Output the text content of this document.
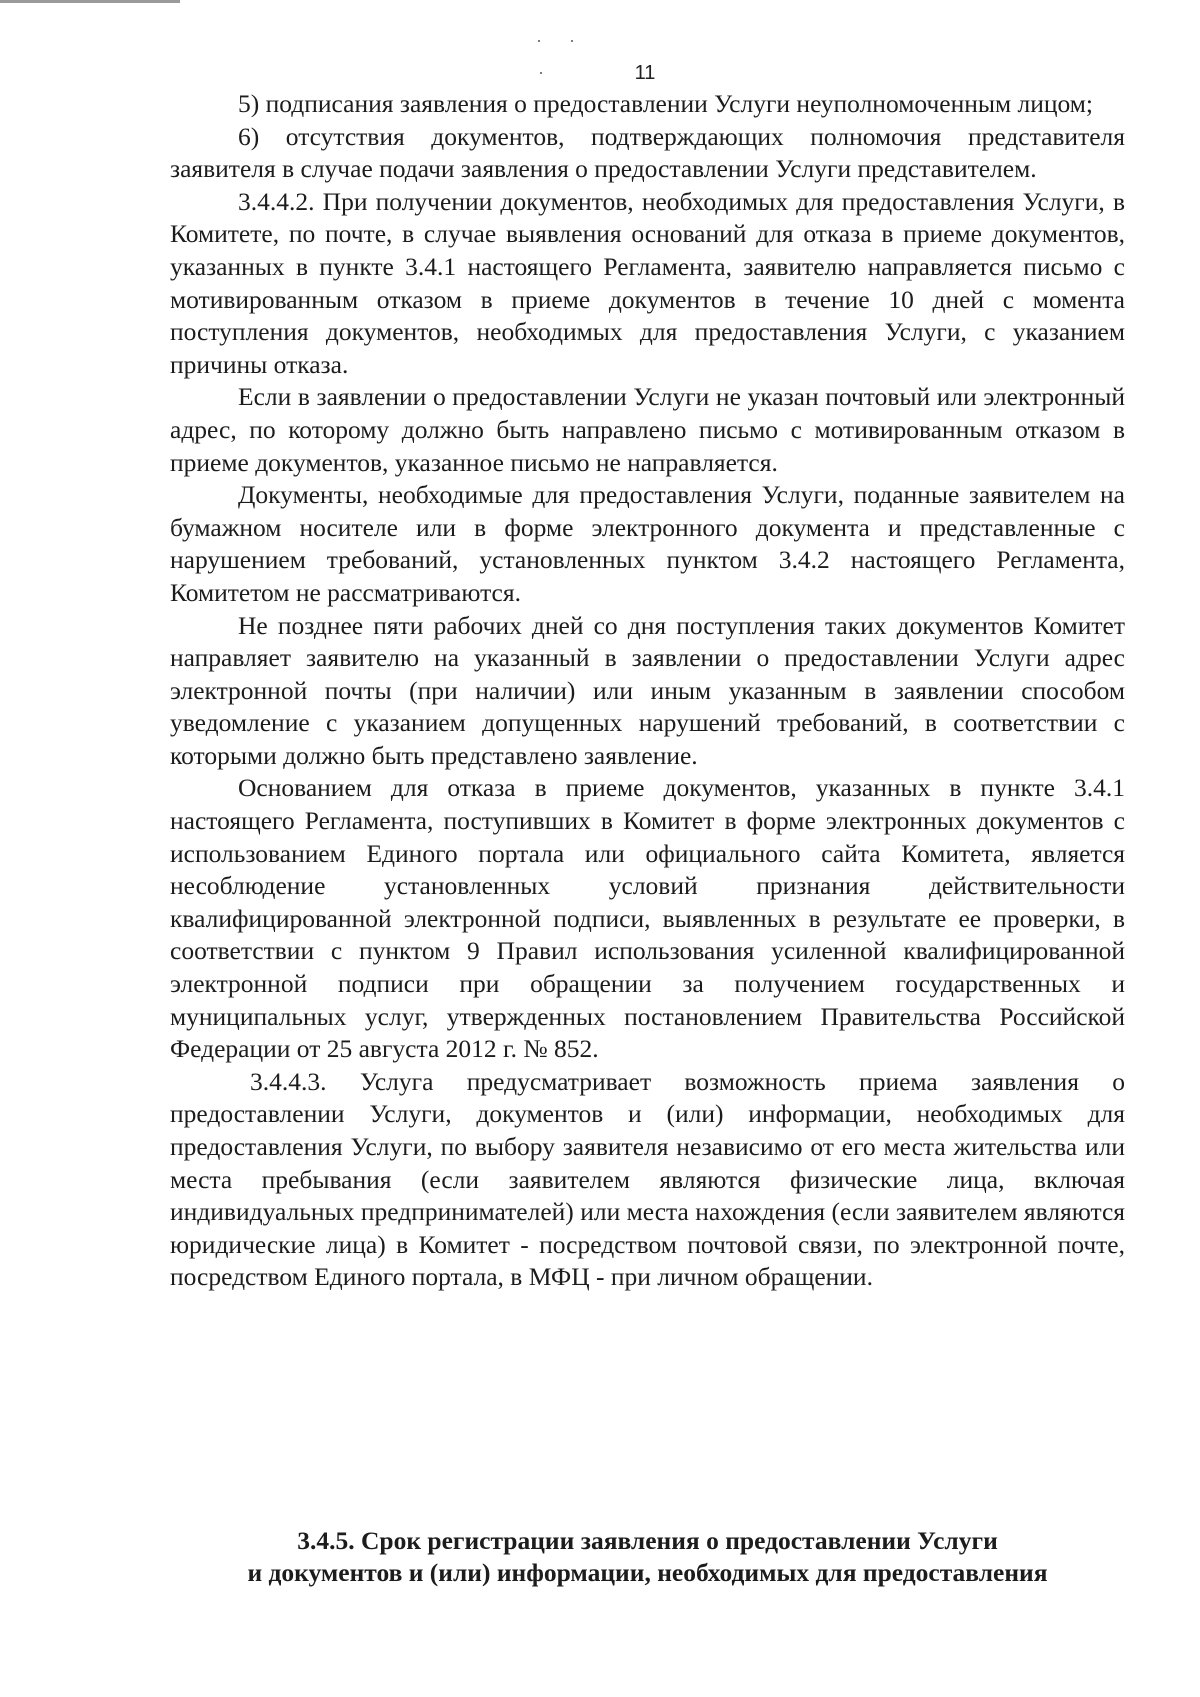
11

5) подписания заявления о предоставлении Услуги неуполномоченным лицом;

6) отсутствия документов, подтверждающих полномочия представителя заявителя в случае подачи заявления о предоставлении Услуги представителем.

3.4.4.2. При получении документов, необходимых для предоставления Услуги, в Комитете, по почте, в случае выявления оснований для отказа в приеме документов, указанных в пункте 3.4.1 настоящего Регламента, заявителю направляется письмо с мотивированным отказом в приеме документов в течение 10 дней с момента поступления документов, необходимых для предоставления Услуги, с указанием причины отказа.

Если в заявлении о предоставлении Услуги не указан почтовый или электронный адрес, по которому должно быть направлено письмо с мотивированным отказом в приеме документов, указанное письмо не направляется.

Документы, необходимые для предоставления Услуги, поданные заявителем на бумажном носителе или в форме электронного документа и представленные с нарушением требований, установленных пунктом 3.4.2 настоящего Регламента, Комитетом не рассматриваются.

Не позднее пяти рабочих дней со дня поступления таких документов Комитет направляет заявителю на указанный в заявлении о предоставлении Услуги адрес электронной почты (при наличии) или иным указанным в заявлении способом уведомление с указанием допущенных нарушений требований, в соответствии с которыми должно быть представлено заявление.

Основанием для отказа в приеме документов, указанных в пункте 3.4.1 настоящего Регламента, поступивших в Комитет в форме электронных документов с использованием Единого портала или официального сайта Комитета, является несоблюдение установленных условий признания действительности квалифицированной электронной подписи, выявленных в результате ее проверки, в соответствии с пунктом 9 Правил использования усиленной квалифицированной электронной подписи при обращении за получением государственных и муниципальных услуг, утвержденных постановлением Правительства Российской Федерации от 25 августа 2012 г. № 852.

3.4.4.3. Услуга предусматривает возможность приема заявления о предоставлении Услуги, документов и (или) информации, необходимых для предоставления Услуги, по выбору заявителя независимо от его места жительства или места пребывания (если заявителем являются физические лица, включая индивидуальных предпринимателей) или места нахождения (если заявителем являются юридические лица) в Комитет - посредством почтовой связи, по электронной почте, посредством Единого портала, в МФЦ - при личном обращении.

3.4.5. Срок регистрации заявления о предоставлении Услуги
и документов и (или) информации, необходимых для предоставления
